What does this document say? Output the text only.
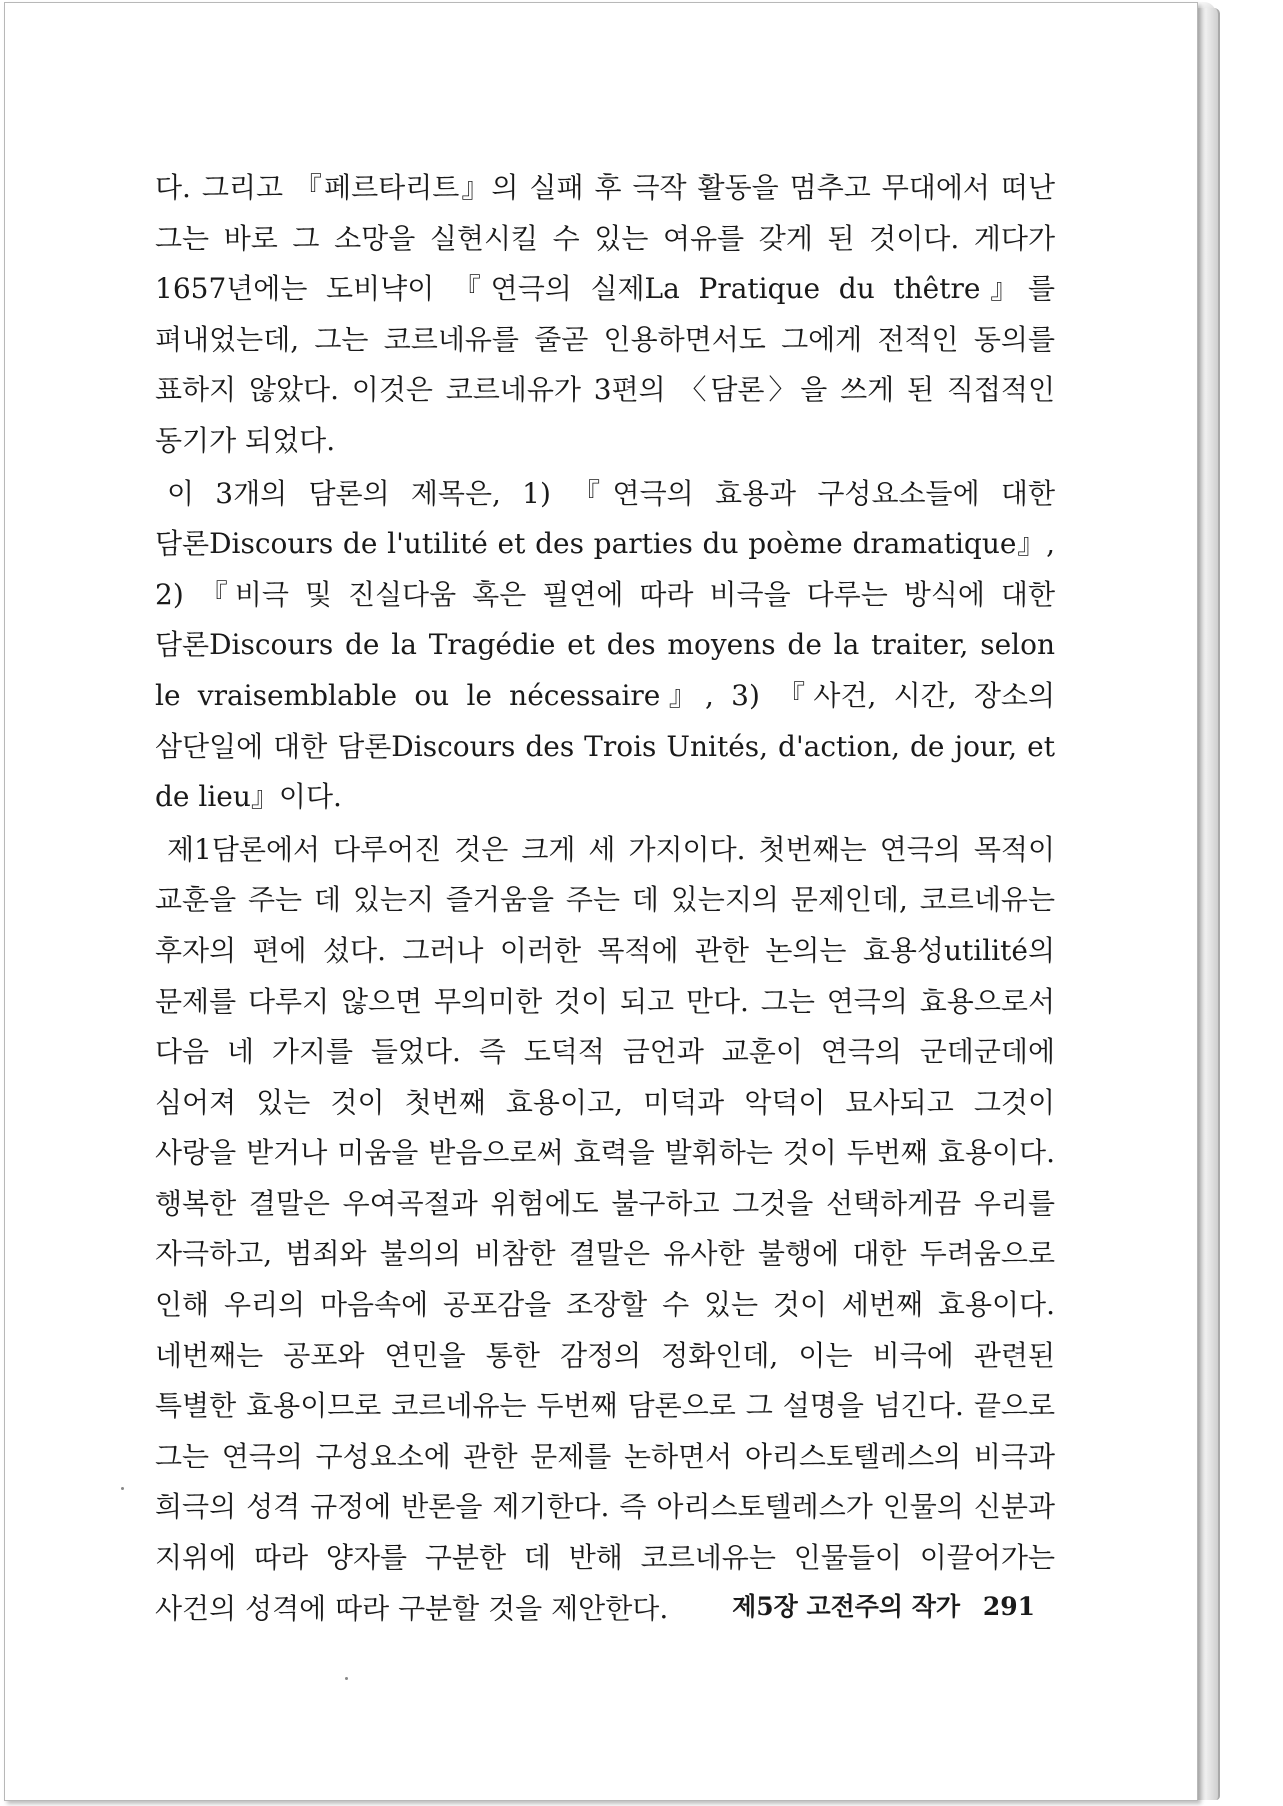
다. 그리고 『페르타리트』의 실패 후 극작 활동을 멈추고 무대에서 떠난 그는 바로 그 소망을 실현시킬 수 있는 여유를 갖게 된 것이다. 게다가 1657년에는 도비냑이 『연극의 실제La Pratique du thêtre』를 펴내었는데, 그는 코르네유를 줄곧 인용하면서도 그에게 전적인 동의를 표하지 않았다. 이것은 코르네유가 3편의 〈담론〉을 쓰게 된 직접적인 동기가 되었다.

이 3개의 담론의 제목은, 1) 『연극의 효용과 구성요소들에 대한 담론Discours de l'utilité et des parties du poème dramatique』, 2) 『비극 및 진실다움 혹은 필연에 따라 비극을 다루는 방식에 대한 담론Discours de la Tragédie et des moyens de la traiter, selon le vraisemblable ou le nécessaire』, 3) 『사건, 시간, 장소의 삼단일에 대한 담론Discours des Trois Unités, d'action, de jour, et de lieu』이다.

제1담론에서 다루어진 것은 크게 세 가지이다. 첫번째는 연극의 목적이 교훈을 주는 데 있는지 즐거움을 주는 데 있는지의 문제인데, 코르네유는 후자의 편에 섰다. 그러나 이러한 목적에 관한 논의는 효용성utilité의 문제를 다루지 않으면 무의미한 것이 되고 만다. 그는 연극의 효용으로서 다음 네 가지를 들었다. 즉 도덕적 금언과 교훈이 연극의 군데군데에 심어져 있는 것이 첫번째 효용이고, 미덕과 악덕이 묘사되고 그것이 사랑을 받거나 미움을 받음으로써 효력을 발휘하는 것이 두번째 효용이다. 행복한 결말은 우여곡절과 위험에도 불구하고 그것을 선택하게끔 우리를 자극하고, 범죄와 불의의 비참한 결말은 유사한 불행에 대한 두려움으로 인해 우리의 마음속에 공포감을 조장할 수 있는 것이 세번째 효용이다. 네번째는 공포와 연민을 통한 감정의 정화인데, 이는 비극에 관련된 특별한 효용이므로 코르네유는 두번째 담론으로 그 설명을 넘긴다. 끝으로 그는 연극의 구성요소에 관한 문제를 논하면서 아리스토텔레스의 비극과 희극의 성격 규정에 반론을 제기한다. 즉 아리스토텔레스가 인물의 신분과 지위에 따라 양자를 구분한 데 반해 코르네유는 인물들이 이끌어가는 사건의 성격에 따라 구분할 것을 제안한다.	제5장 고전주의 작가 291
